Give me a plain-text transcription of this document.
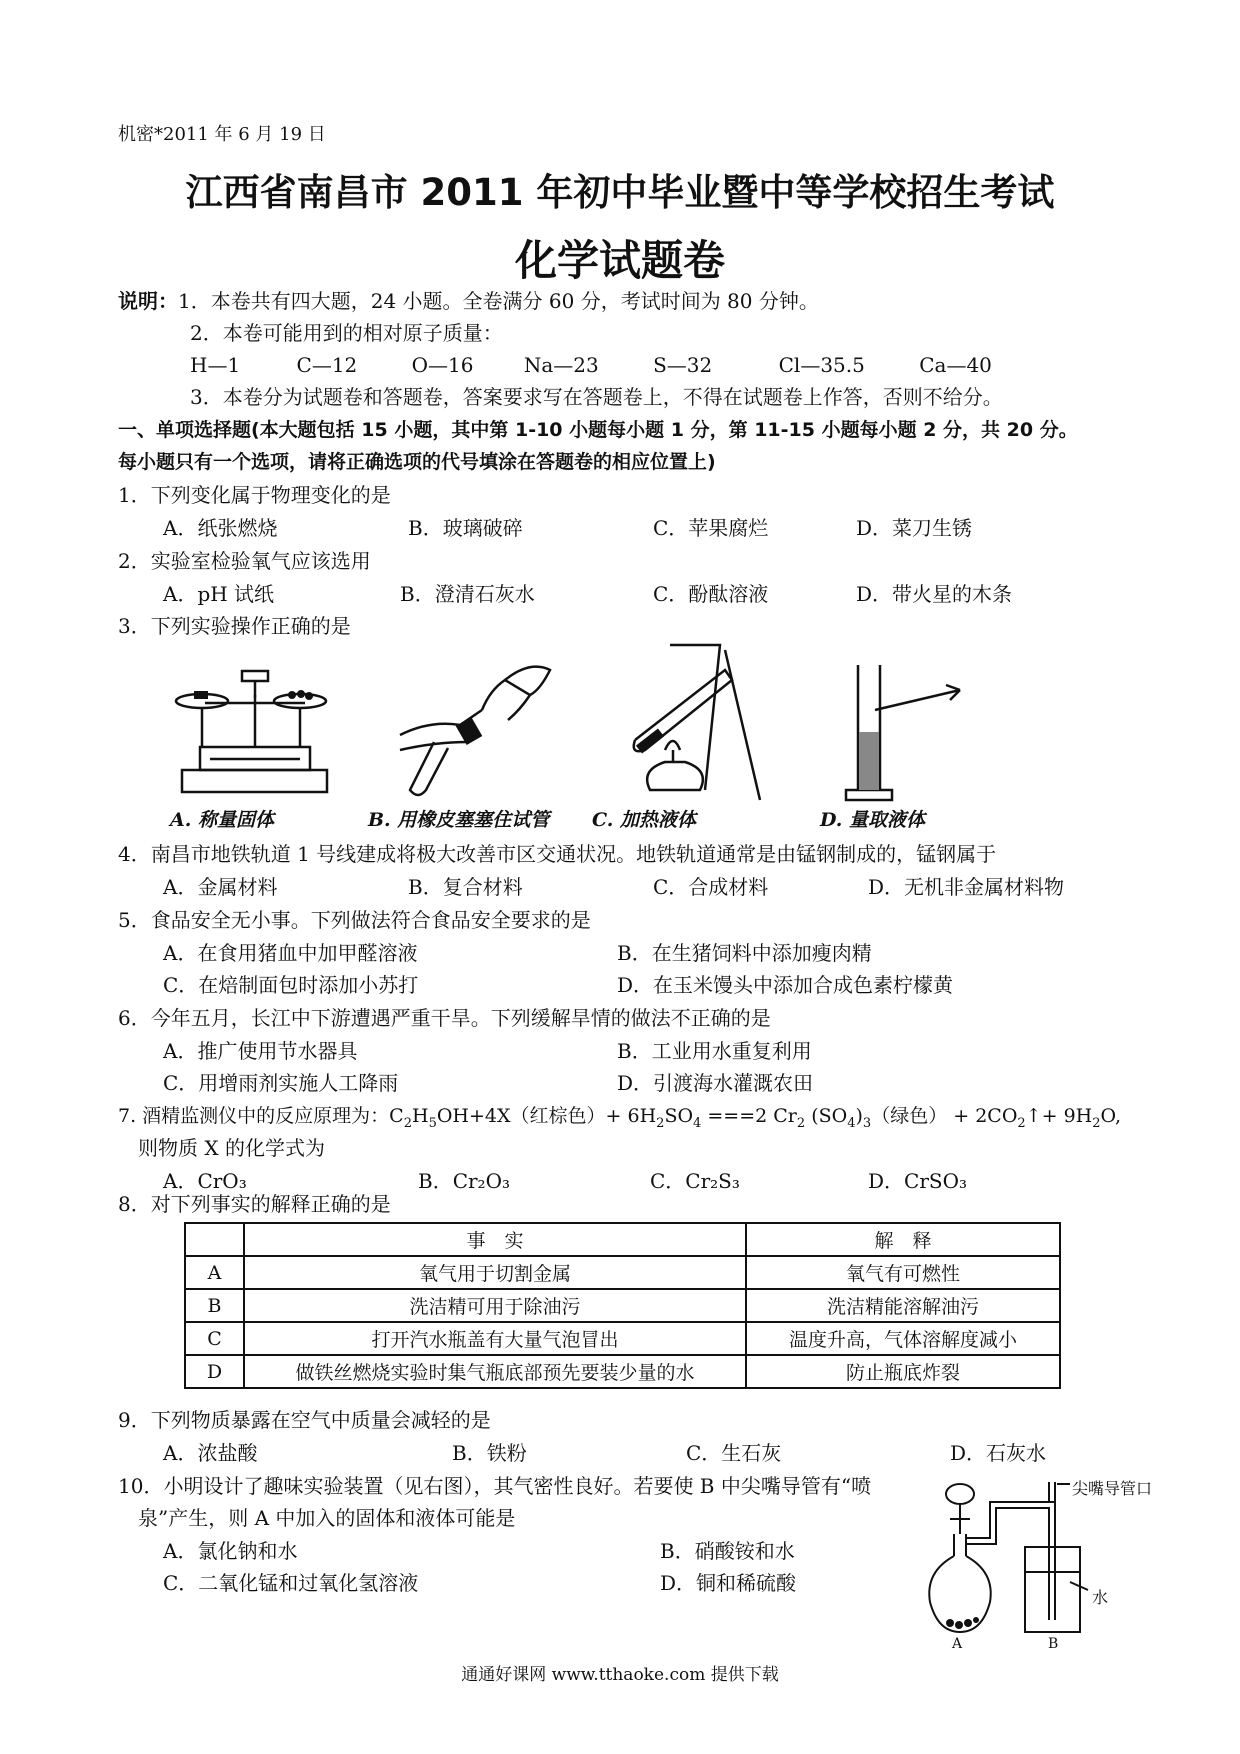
机密*2011 年 6 月 19 日
江西省南昌市 2011 年初中毕业暨中等学校招生考试
化学试题卷
说明：1．本卷共有四大题，24 小题。全卷满分 60 分，考试时间为 80 分钟。
2．本卷可能用到的相对原子质量：
H—1	C—12	O—16	Na—23	S—32	Cl—35.5	Ca—40
3．本卷分为试题卷和答题卷，答案要求写在答题卷上，不得在试题卷上作答，否则不给分。
一、单项选择题(本大题包括 15 小题，其中第 1-10 小题每小题 1 分，第 11-15 小题每小题 2 分，共 20 分。
每小题只有一个选项，请将正确选项的代号填涂在答题卷的相应位置上)
1．下列变化属于物理变化的是
A．纸张燃烧	B．玻璃破碎	C．苹果腐烂	D．菜刀生锈
2．实验室检验氧气应该选用
A．pH 试纸	B．澄清石灰水	C．酚酞溶液	D．带火星的木条
3．下列实验操作正确的是
A. 称量固体	B. 用橡皮塞塞住试管 C. 加热液体	D. 量取液体
4．南昌市地铁轨道 1 号线建成将极大改善市区交通状况。地铁轨道通常是由锰钢制成的，锰钢属于
A．金属材料	B．复合材料	C．合成材料	D．无机非金属材料物
5．食品安全无小事。下列做法符合食品安全要求的是
A．在食用猪血中加甲醛溶液	B．在生猪饲料中添加瘦肉精
C．在焙制面包时添加小苏打	D．在玉米馒头中添加合成色素柠檬黄
6．今年五月，长江中下游遭遇严重干旱。下列缓解旱情的做法不正确的是
A．推广使用节水器具	B．工业用水重复利用
C．用增雨剂实施人工降雨	D．引渡海水灌溉农田
7. 酒精监测仪中的反应原理为：$C_2H_5OH+4X$（红棕色）+ $6H_2SO_4 ===2$ $Cr_2$ $(SO_4)_3$（绿色） + $2CO_2↑+ 9H_2O$,
则物质 X 的化学式为
A．CrO₃	B．Cr₂O₃	C．Cr₂S₃	D．CrSO₃
8．对下列事实的解释正确的是
	事　实	解　释
A	氧气用于切割金属	氧气有可燃性
B	洗洁精可用于除油污	洗洁精能溶解油污
C	打开汽水瓶盖有大量气泡冒出	温度升高，气体溶解度减小
D	做铁丝燃烧实验时集气瓶底部预先要装少量的水	防止瓶底炸裂
9．下列物质暴露在空气中质量会减轻的是
A．浓盐酸	B．铁粉	C．生石灰	D．石灰水
10．小明设计了趣味实验装置（见右图），其气密性良好。若要使 B 中尖嘴导管有“喷
泉”产生，则 A 中加入的固体和液体可能是
A．氯化钠和水	B．硝酸铵和水
C．二氧化锰和过氧化氢溶液	D．铜和稀硫酸
尖嘴导管口
水
A	B
通通好课网 www.tthaoke.com 提供下载
